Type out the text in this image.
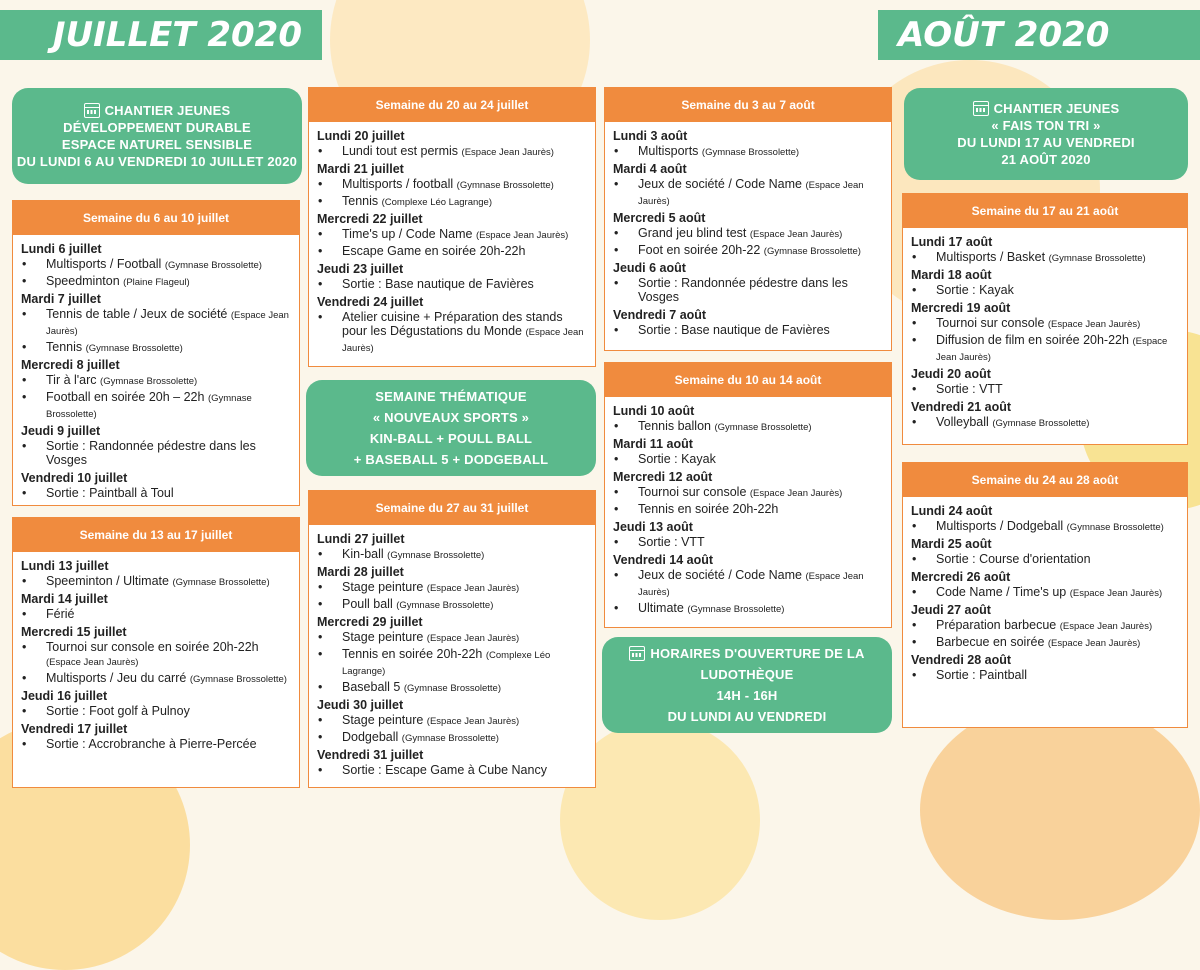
JUILLET 2020	AOÛT 2020
CHANTIER JEUNES
DÉVELOPPEMENT DURABLE
ESPACE NATUREL SENSIBLE
DU LUNDI 6 AU VENDREDI 10 JUILLET 2020
CHANTIER JEUNES
« FAIS TON TRI »
DU LUNDI 17 AU VENDREDI
21 AOÛT 2020
SEMAINE THÉMATIQUE
« NOUVEAUX SPORTS »
KIN-BALL + POULL BALL
+ BASEBALL 5 + DODGEBALL
HORAIRES D'OUVERTURE DE LA
LUDOTHÈQUE
14H - 16H
DU LUNDI AU VENDREDI
Semaine du 6 au 10 juillet
Lundi 6 juillet
• Multisports / Football (Gymnase Brossolette)
• Speedminton (Plaine Flageul)
Mardi 7 juillet
• Tennis de table / Jeux de société (Espace Jean Jaurès)
• Tennis (Gymnase Brossolette)
Mercredi 8 juillet
• Tir à l'arc (Gymnase Brossolette)
• Football en soirée 20h – 22h (Gymnase Brossolette)
Jeudi 9 juillet
• Sortie : Randonnée pédestre dans les Vosges
Vendredi 10 juillet
• Sortie : Paintball à Toul
Semaine du 13 au 17 juillet
Lundi 13 juillet
• Speeminton / Ultimate (Gymnase Brossolette)
Mardi 14 juillet
• Férié
Mercredi 15 juillet
• Tournoi sur console en soirée 20h-22h (Espace Jean Jaurès)
• Multisports / Jeu du carré (Gymnase Brossolette)
Jeudi 16 juillet
• Sortie : Foot golf à Pulnoy
Vendredi 17 juillet
• Sortie : Accrobranche à Pierre-Percée
Semaine du 20 au 24 juillet
Lundi 20 juillet
• Lundi tout est permis (Espace Jean Jaurès)
Mardi 21 juillet
• Multisports / football (Gymnase Brossolette)
• Tennis (Complexe Léo Lagrange)
Mercredi 22 juillet
• Time's up / Code Name (Espace Jean Jaurès)
• Escape Game en soirée 20h-22h
Jeudi 23 juillet
• Sortie : Base nautique de Favières
Vendredi 24 juillet
• Atelier cuisine + Préparation des stands pour les Dégustations du Monde (Espace Jean Jaurès)
Semaine du 27 au 31 juillet
Lundi 27 juillet
• Kin-ball (Gymnase Brossolette)
Mardi 28 juillet
• Stage peinture (Espace Jean Jaurès)
• Poull ball (Gymnase Brossolette)
Mercredi 29 juillet
• Stage peinture (Espace Jean Jaurès)
• Tennis en soirée 20h-22h (Complexe Léo Lagrange)
• Baseball 5 (Gymnase Brossolette)
Jeudi 30 juillet
• Stage peinture (Espace Jean Jaurès)
• Dodgeball (Gymnase Brossolette)
Vendredi 31 juillet
• Sortie : Escape Game à Cube Nancy
Semaine du 3 au 7 août
Lundi 3 août
• Multisports (Gymnase Brossolette)
Mardi 4 août
• Jeux de société / Code Name (Espace Jean Jaurès)
Mercredi 5 août
• Grand jeu blind test (Espace Jean Jaurès)
• Foot en soirée 20h-22 (Gymnase Brossolette)
Jeudi 6 août
• Sortie : Randonnée pédestre dans les Vosges
Vendredi 7 août
• Sortie : Base nautique de Favières
Semaine du 10 au 14 août
Lundi 10 août
• Tennis ballon (Gymnase Brossolette)
Mardi 11 août
• Sortie : Kayak
Mercredi 12 août
• Tournoi sur console (Espace Jean Jaurès)
• Tennis en soirée 20h-22h
Jeudi 13 août
• Sortie : VTT
Vendredi 14 août
• Jeux de société / Code Name (Espace Jean Jaurès)
• Ultimate (Gymnase Brossolette)
Semaine du 17 au 21 août
Lundi 17 août
• Multisports / Basket (Gymnase Brossolette)
Mardi 18 août
• Sortie : Kayak
Mercredi 19 août
• Tournoi sur console (Espace Jean Jaurès)
• Diffusion de film en soirée 20h-22h (Espace Jean Jaurès)
Jeudi 20 août
• Sortie : VTT
Vendredi 21 août
• Volleyball (Gymnase Brossolette)
Semaine du 24 au 28 août
Lundi 24 août
• Multisports / Dodgeball (Gymnase Brossolette)
Mardi 25 août
• Sortie : Course d'orientation
Mercredi 26 août
• Code Name / Time's up (Espace Jean Jaurès)
Jeudi 27 août
• Préparation barbecue (Espace Jean Jaurès)
• Barbecue en soirée (Espace Jean Jaurès)
Vendredi 28 août
• Sortie : Paintball
